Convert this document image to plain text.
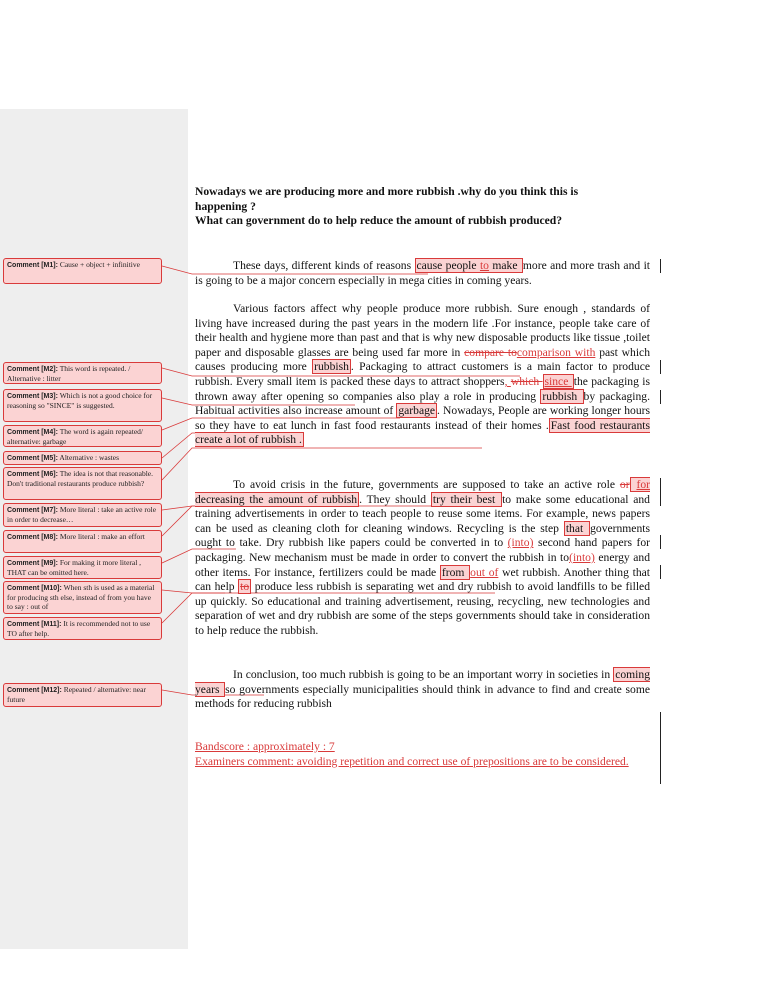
Comment [M1]: Cause + object + infinitive
Comment [M2]: This word is repeated. / Alternative : litter
Comment [M3]: Which is not a good choice for reasoning so "SINCE" is suggested.
Comment [M4]: The word is again repeated/ alternative: garbage
Comment [M5]: Alternative : wastes
Comment [M6]: The idea is not that reasonable. Don't traditional restaurants produce rubbish?
Comment [M7]: More literal : take an active role in order to decrease…
Comment [M8]: More literal : make an effort
Comment [M9]: For making it more literal , THAT can be omitted here.
Comment [M10]: When sth is used as a material for producing sth else, instead of from you have to say : out of
Comment [M11]: It is recommended not to use TO after help.
Comment [M12]: Repeated / alternative: near future
Nowadays we are producing more and more rubbish .why do you think this is
happening ?
What can government do to help reduce the amount of rubbish produced?
These days, different kinds of reasons cause people to make more and more trash and it is going to be a major concern especially in mega cities in coming years.
Various factors affect why people produce more rubbish. Sure enough , standards of living have increased during the past years in the modern life .For instance, people take care of their health and hygiene more than past and that is why new disposable products like tissue ,toilet paper and disposable glasses are being used far more in compare tocomparison with past which causes producing more rubbish . Packaging to attract customers is a main factor to produce rubbish. Every small item is packed these days to attract shoppers, which since the packaging is thrown away after opening so companies also play a role in producing rubbish by packaging. Habitual activities also increase amount of garbage . Nowadays, People are working longer hours so they have to eat lunch in fast food restaurants instead of their homes . Fast food restaurants create a lot of rubbish .
To avoid crisis in the future, governments are supposed to take an active role or for decreasing the amount of rubbish . They should try their best to make some educational and training advertisements in order to teach people to reuse some items. For example, news papers can be used as cleaning cloth for cleaning windows. Recycling is the step that governments ought to take. Dry rubbish like papers could be converted in to (into) second hand papers for packaging. New mechanism must be made in order to convert the rubbish in to(into) energy and other items. For instance, fertilizers could be made from out of wet rubbish. Another thing that can help to produce less rubbish is separating wet and dry rubbish to avoid landfills to be filled up quickly. So educational and training advertisement, reusing, recycling, new technologies and separation of wet and dry rubbish are some of the steps governments should take in consideration to help reduce the rubbish.
In conclusion, too much rubbish is going to be an important worry in societies in coming years so governments especially municipalities should think in advance to find and create some methods for reducing rubbish
Bandscore : approximately : 7
Examiners comment: avoiding repetition and correct use of prepositions are to be considered.
